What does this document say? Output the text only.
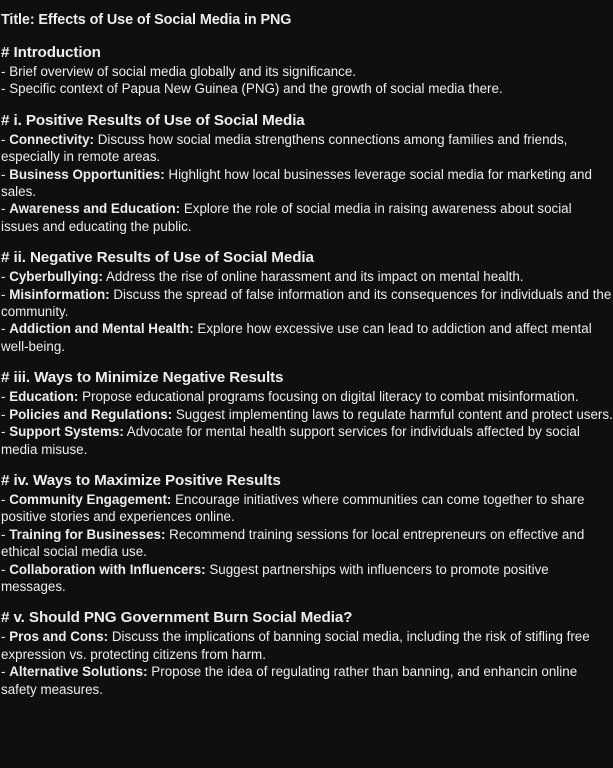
Title: Effects of Use of Social Media in PNG
# Introduction
- Brief overview of social media globally and its significance.
- Specific context of Papua New Guinea (PNG) and the growth of social media there.
# i. Positive Results of Use of Social Media
- Connectivity: Discuss how social media strengthens connections among families and friends, especially in remote areas.
- Business Opportunities: Highlight how local businesses leverage social media for marketing and sales.
- Awareness and Education: Explore the role of social media in raising awareness about social issues and educating the public.
# ii. Negative Results of Use of Social Media
- Cyberbullying: Address the rise of online harassment and its impact on mental health.
- Misinformation: Discuss the spread of false information and its consequences for individuals and the community.
- Addiction and Mental Health: Explore how excessive use can lead to addiction and affect mental well-being.
# iii. Ways to Minimize Negative Results
- Education: Propose educational programs focusing on digital literacy to combat misinformation.
- Policies and Regulations: Suggest implementing laws to regulate harmful content and protect users.
- Support Systems: Advocate for mental health support services for individuals affected by social media misuse.
# iv. Ways to Maximize Positive Results
- Community Engagement: Encourage initiatives where communities can come together to share positive stories and experiences online.
- Training for Businesses: Recommend training sessions for local entrepreneurs on effective and ethical social media use.
- Collaboration with Influencers: Suggest partnerships with influencers to promote positive messages.
# v. Should PNG Government Burn Social Media?
- Pros and Cons: Discuss the implications of banning social media, including the risk of stifling free expression vs. protecting citizens from harm.
- Alternative Solutions: Propose the idea of regulating rather than banning, and enhancin online safety measures.
